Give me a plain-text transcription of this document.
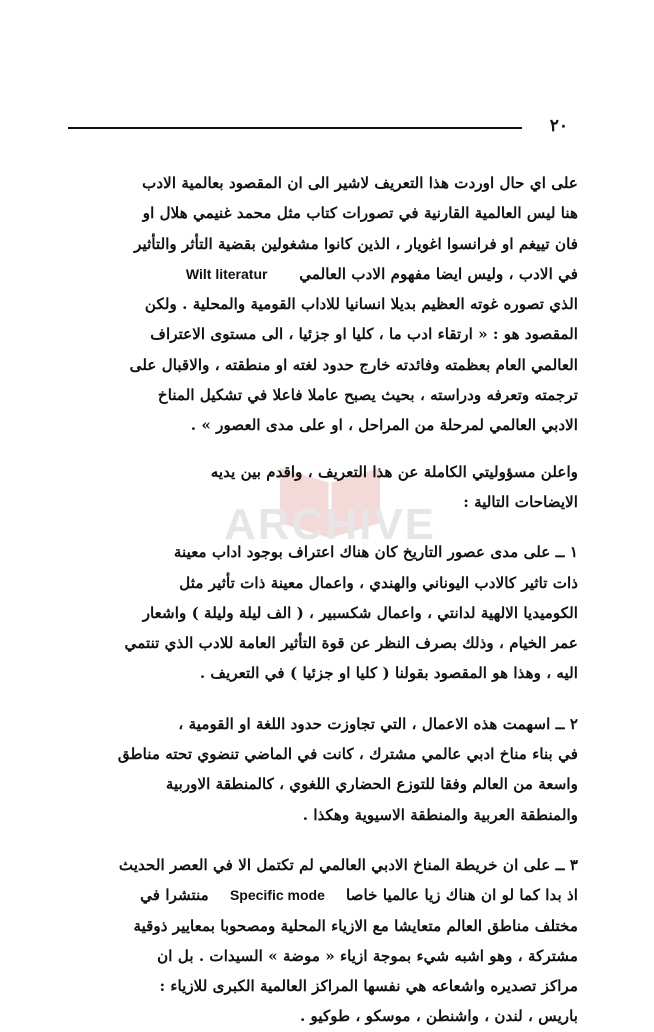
٢٠
ARCHIVE
على اي حال اوردت هذا التعريف لاشير الى ان المقصود بعالمية الادب
هنا ليس العالمية القارنية في تصورات كتاب مثل محمد غنيمي هلال او
فان تييغم او فرانسوا اغويار ، الذين كانوا مشغولين بقضية التأثر والتأثير
في الادب ، وليس ايضا مفهوم الادب العالمي      Wilt literatur
الذي تصوره غوته العظيم بديلا انسانيا للاداب القومية والمحلية . ولكن
المقصود هو : « ارتقاء ادب ما ، كليا او جزئيا ، الى مستوى الاعتراف
العالمي العام بعظمته وفائدته خارج حدود لغته او منطقته ، والاقبال على
ترجمته وتعرفه ودراسته ، بحيث يصبح عاملا فاعلا في تشكيل المناخ
الادبي العالمي لمرحلة من المراحل ، او على مدى العصور » .
واعلن مسؤوليتي الكاملة عن هذا التعريف ، واقدم بين يديه
الايضاحات التالية :
١ ــ على مدى عصور التاريخ كان هناك اعتراف بوجود اداب معينة
ذات تاثير كالادب اليوناني والهندي ، واعمال معينة ذات تأثير مثل
الكوميديا الالهية لدانتي ، واعمال شكسبير ، ( الف ليلة وليلة ) واشعار
عمر الخيام ، وذلك بصرف النظر عن قوة التأثير العامة للادب الذي تنتمي
اليه ، وهذا هو المقصود بقولنا ( كليا او جزئيا ) في التعريف .
٢ ــ اسهمت هذه الاعمال ، التي تجاوزت حدود اللغة او القومية ،
في بناء مناخ ادبي عالمي مشترك ، كانت في الماضي تنضوي تحته مناطق
واسعة من العالم وفقا للتوزع الحضاري اللغوي ، كالمنطقة الاوربية
والمنطقة العربية والمنطقة الاسيوية وهكذا .
٣ ــ على ان خريطة المناخ الادبي العالمي لم تكتمل الا في العصر الحديث
اذ بدا كما لو ان هناك زيا عالميا خاصا    Specific mode    منتشرا في
مختلف مناطق العالم متعايشا مع الازياء المحلية ومصحوبا بمعايير ذوقية
مشتركة ، وهو اشبه شيء بموجة ازياء « موضة » السيدات . بل ان
مراكز تصديره واشعاعه هي نفسها المراكز العالمية الكبرى للازياء :
باريس ، لندن ، واشنطن ، موسكو ، طوكيو .
